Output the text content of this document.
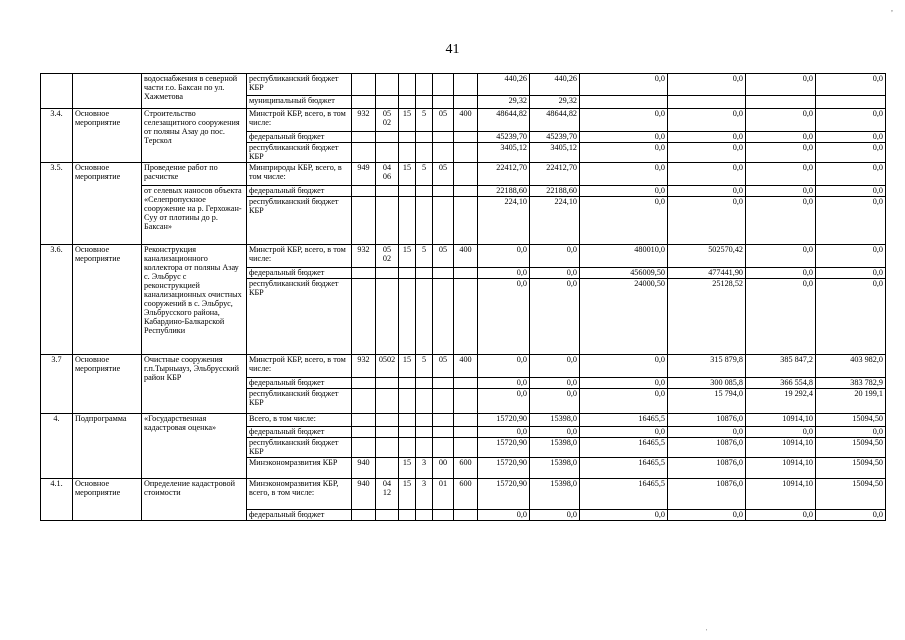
,
41
		водоснабжения в северной части г.о. Баксан по ул. Хажметова	республиканский бюджет КБР							440,26	440,26	0,0	0,0	0,0	0,0
			муниципальный бюджет							29,32	29,32				
3.4.	Основное мероприятие	Строительство селезащитного сооружения от поляны Азау до пос. Терскол	Минстрой КБР, всего, в том числе:	932	05 02	15	5	05	400	48644,82	48644,82	0,0	0,0	0,0	0,0
			федеральный бюджет							45239,70	45239,70	0,0	0,0	0,0	0,0
			республиканский бюджет КБР							3405,12	3405,12	0,0	0,0	0,0	0,0
3.5.	Основное мероприятие	Проведение работ по расчистке	Минприроды КБР, всего, в том числе:	949	04 06	15	5	05		22412,70	22412,70	0,0	0,0	0,0	0,0
		от селевых наносов объекта «Селепропускное сооружение на р. Герхожан-Суу от плотины до р. Баксан»	федеральный бюджет							22188,60	22188,60	0,0	0,0	0,0	0,0
			республиканский бюджет КБР							224,10	224,10	0,0	0,0	0,0	0,0
3.6.	Основное мероприятие	Реконструкция канализационного коллектора от поляны Азау с. Эльбрус с реконструкцией канализационных очистных сооружений в с. Эльбрус, Эльбрусского района, Кабардино-Балкарской Республики	Минстрой КБР, всего, в том числе:	932	05 02	15	5	05	400	0,0	0,0	480010,0	502570,42	0,0	0,0
			федеральный бюджет							0,0	0,0	456009,50	477441,90	0,0	0,0
			республиканский бюджет КБР							0,0	0,0	24000,50	25128,52	0,0	0,0
3.7	Основное мероприятие	Очистные сооружения г.п.Тырныауз, Эльбрусский район КБР	Минстрой КБР, всего, в том числе:	932	0502	15	5	05	400	0,0	0,0	0,0	315 879,8	385 847,2	403 982,0
			федеральный бюджет							0,0	0,0	0,0	300 085,8	366 554,8	383 782,9
			республиканский бюджет КБР							0,0	0,0	0,0	15 794,0	19 292,4	20 199,1
4.	Подпрограмма	«Государственная кадастровая оценка»	Всего, в том числе:							15720,90	15398,0	16465,5	10876,0	10914,10	15094,50
			федеральный бюджет							0,0	0,0	0,0	0,0	0,0	0,0
			республиканский бюджет КБР							15720,90	15398,0	16465,5	10876,0	10914,10	15094,50
			Минэкономразвития КБР	940		15	3	00	600	15720,90	15398,0	16465,5	10876,0	10914,10	15094,50
4.1.	Основное мероприятие	Определение кадастровой стоимости	Минэкономразвития КБР, всего, в том числе:	940	04 12	15	3	01	600	15720,90	15398,0	16465,5	10876,0	10914,10	15094,50
			федеральный бюджет							0,0	0,0	0,0	0,0	0,0	0,0
'
